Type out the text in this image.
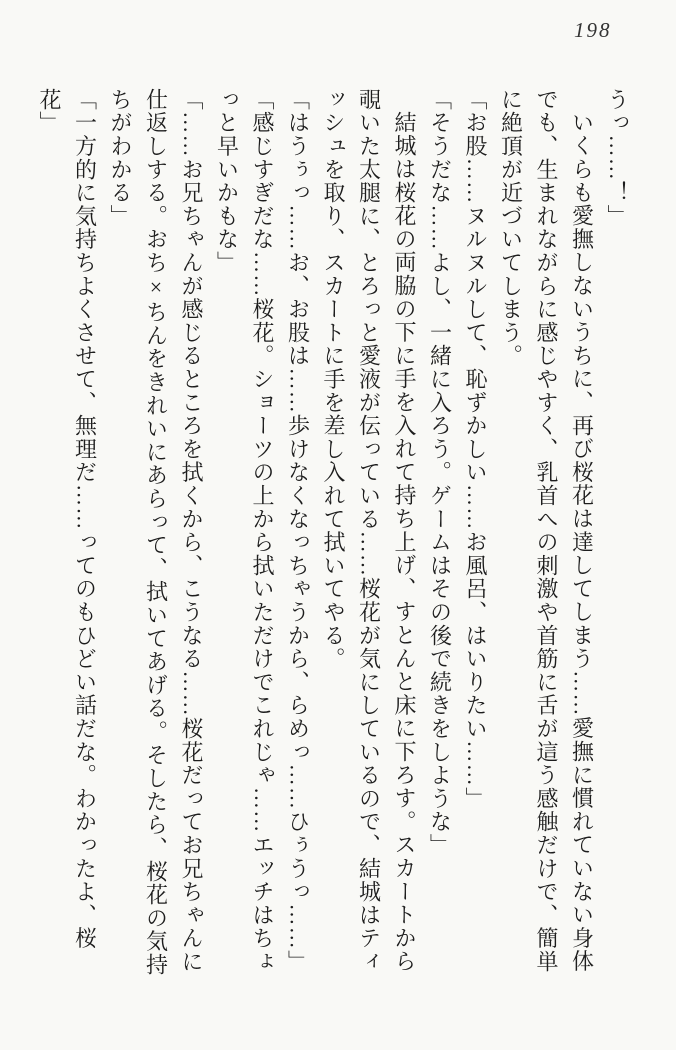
198
うっ……！」
いくらも愛撫しないうちに、再び桜花は達してしまう……愛撫に慣れていない身体
でも、生まれながらに感じやすく、乳首への刺激や首筋に舌が這う感触だけで、簡単
に絶頂が近づいてしまう。
「お股……ヌルヌルして、恥ずかしい……お風呂、はいりたい……」
「そうだな……よし、一緒に入ろう。ゲームはその後で続きをしような」
結城は桜花の両脇の下に手を入れて持ち上げ、すとんと床に下ろす。スカートから
覗いた太腿に、とろっと愛液が伝っている……桜花が気にしているので、結城はティ
ッシュを取り、スカートに手を差し入れて拭いてやる。
「はうぅっ……お、お股は……歩けなくなっちゃうから、らめっ……ひぅうっ……」
「感じすぎだな……桜花。ショーツの上から拭いただけでこれじゃ……エッチはちょ
っと早いかもな」
「……お兄ちゃんが感じるところを拭くから、こうなる……桜花だってお兄ちゃんに
仕返しする。おち×ちんをきれいにあらって、拭いてあげる。そしたら、桜花の気持
ちがわかる」
「一方的に気持ちよくさせて、無理だ……ってのもひどい話だな。わかったよ、桜
花」
